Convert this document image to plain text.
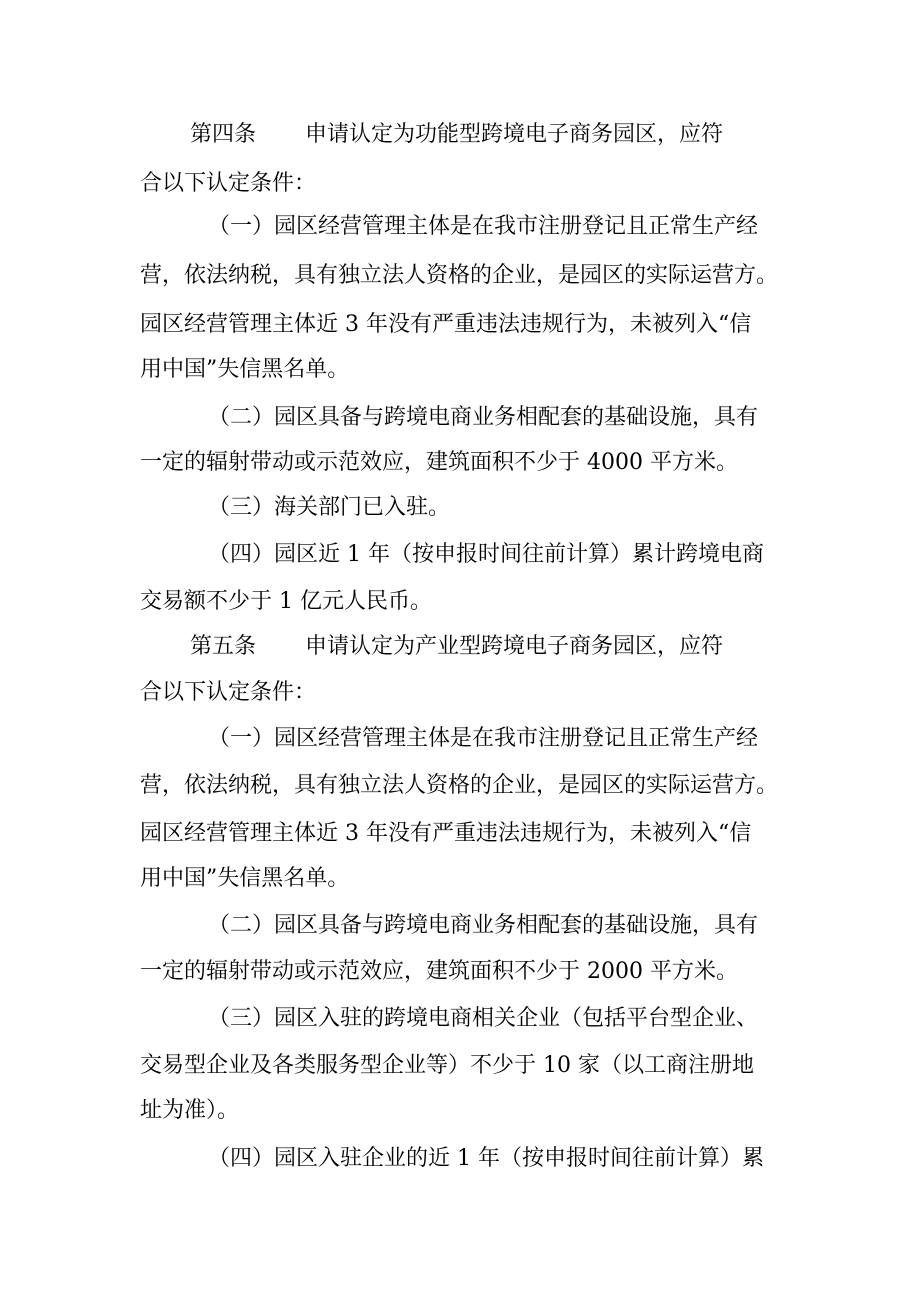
第四条 申请认定为功能型跨境电子商务园区，应符
合以下认定条件：
（一）园区经营管理主体是在我市注册登记且正常生产经
营，依法纳税，具有独立法人资格的企业，是园区的实际运营方。
园区经营管理主体近 3 年没有严重违法违规行为，未被列入“信
用中国”失信黑名单。
（二）园区具备与跨境电商业务相配套的基础设施，具有
一定的辐射带动或示范效应，建筑面积不少于 4000 平方米。
（三）海关部门已入驻。
（四）园区近 1 年（按申报时间往前计算）累计跨境电商
交易额不少于 1 亿元人民币。
第五条 申请认定为产业型跨境电子商务园区，应符
合以下认定条件：
（一）园区经营管理主体是在我市注册登记且正常生产经
营，依法纳税，具有独立法人资格的企业，是园区的实际运营方。
园区经营管理主体近 3 年没有严重违法违规行为，未被列入“信
用中国”失信黑名单。
（二）园区具备与跨境电商业务相配套的基础设施，具有
一定的辐射带动或示范效应，建筑面积不少于 2000 平方米。
（三）园区入驻的跨境电商相关企业（包括平台型企业、
交易型企业及各类服务型企业等）不少于 10 家（以工商注册地
址为准）。
（四）园区入驻企业的近 1 年（按申报时间往前计算）累
